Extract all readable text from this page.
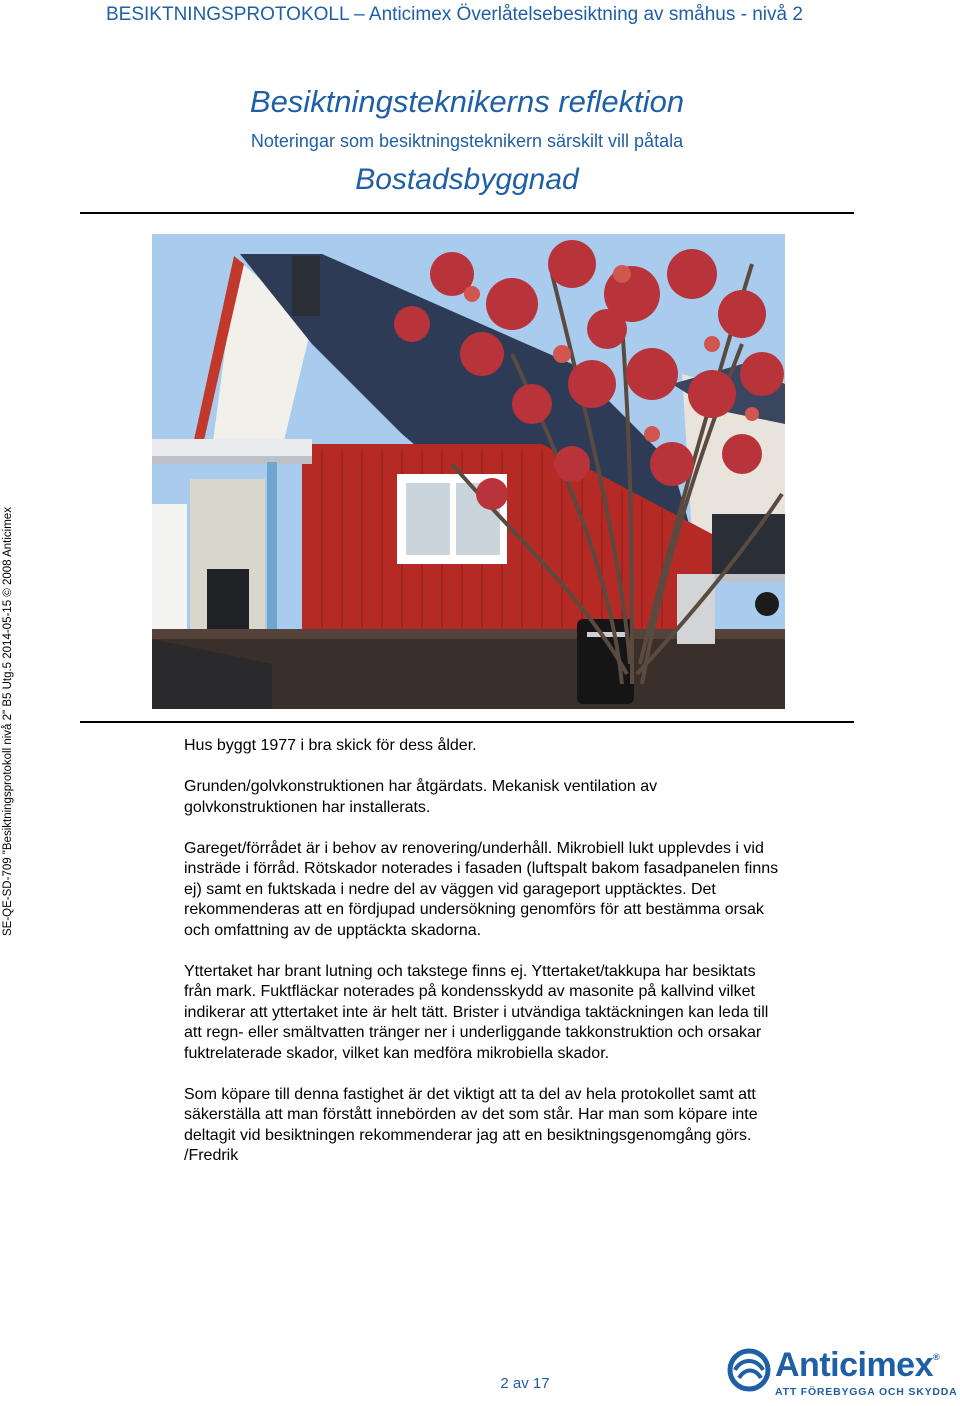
BESIKTNINGSPROTOKOLL – Anticimex Överlåtelsebesiktning av småhus - nivå 2
SE-QE-SD-709 "Besiktningsprotokoll nivå 2" B5 Utg.5 2014-05-15 © 2008 Anticimex
Besiktningsteknikerns reflektion
Noteringar som besiktningsteknikern särskilt vill påtala
Bostadsbyggnad

Hus byggt 1977 i bra skick för dess ålder.

Grunden/golvkonstruktionen har åtgärdats. Mekanisk ventilation av
golvkonstruktionen har installerats.

Gareget/förrådet är i behov av renovering/underhåll. Mikrobiell lukt upplevdes i vid
insträde i förråd. Rötskador noterades i fasaden (luftspalt bakom fasadpanelen finns
ej) samt en fuktskada i nedre del av väggen vid garageport upptäcktes. Det
rekommenderas att en fördjupad undersökning genomförs för att bestämma orsak
och omfattning av de upptäckta skadorna.

Yttertaket har brant lutning och takstege finns ej. Yttertaket/takkupa har besiktats
från mark. Fuktfläckar noterades på kondensskydd av masonite på kallvind vilket
indikerar att yttertaket inte är helt tätt. Brister i utvändiga taktäckningen kan leda till
att regn- eller smältvatten tränger ner i underliggande takkonstruktion och orsakar
fuktrelaterade skador, vilket kan medföra mikrobiella skador.

Som köpare till denna fastighet är det viktigt att ta del av hela protokollet samt att
säkerställa att man förstått innebörden av det som står. Har man som köpare inte
deltagit vid besiktningen rekommenderar jag att en besiktningsgenomgång görs.
/Fredrik

2 av 17	Anticimex®
ATT FÖREBYGGA OCH SKYDDA
